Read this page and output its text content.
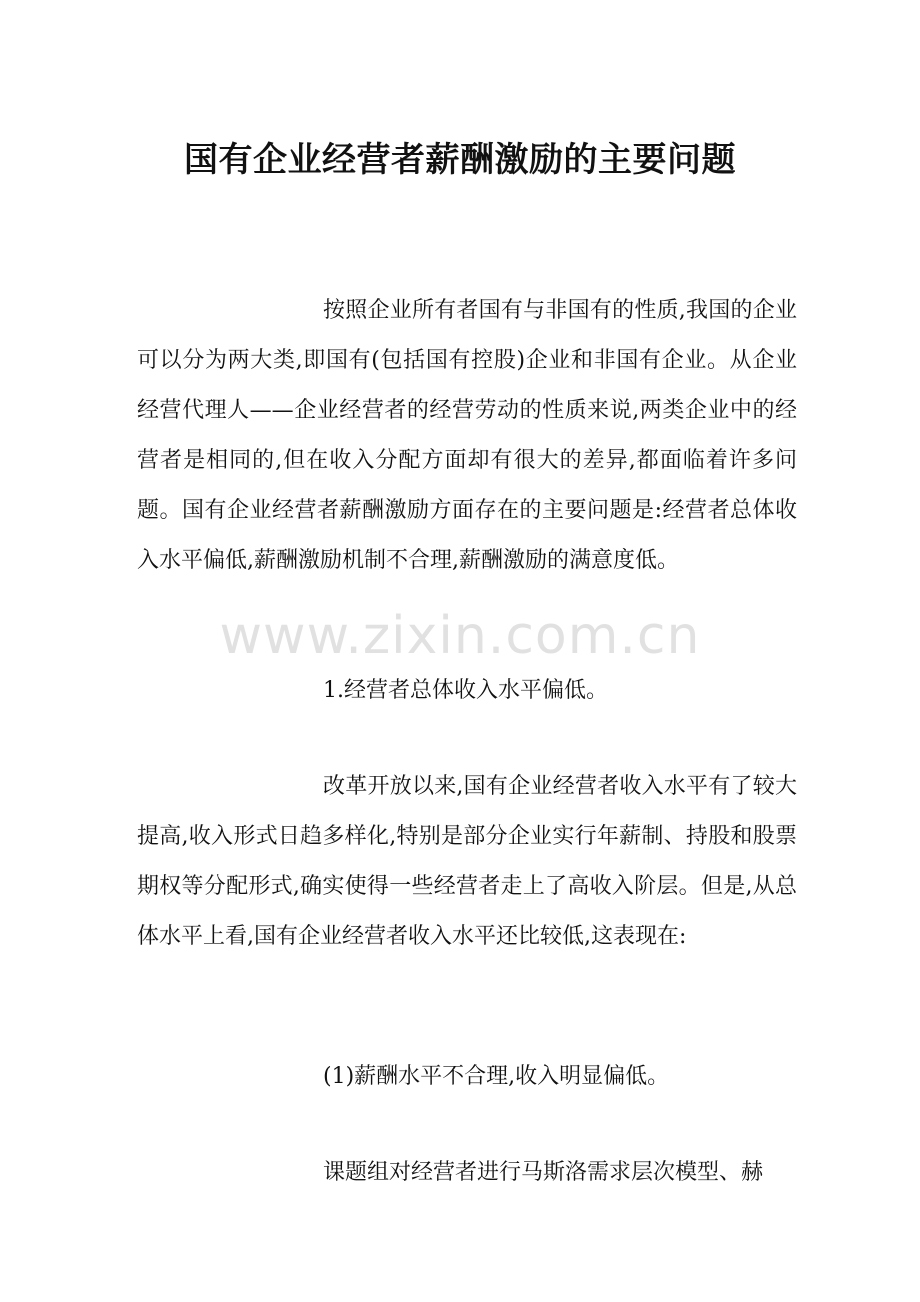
国有企业经营者薪酬激励的主要问题

按照企业所有者国有与非国有的性质,我国的企业可以分为两大类,即国有(包括国有控股)企业和非国有企业。从企业经营代理人——企业经营者的经营劳动的性质来说,两类企业中的经营者是相同的,但在收入分配方面却有很大的差异,都面临着许多问题。国有企业经营者薪酬激励方面存在的主要问题是:经营者总体收入水平偏低,薪酬激励机制不合理,薪酬激励的满意度低。

www.zixin.com.cn

1.经营者总体收入水平偏低。

改革开放以来,国有企业经营者收入水平有了较大提高,收入形式日趋多样化,特别是部分企业实行年薪制、持股和股票期权等分配形式,确实使得一些经营者走上了高收入阶层。但是,从总体水平上看,国有企业经营者收入水平还比较低,这表现在:

(1)薪酬水平不合理,收入明显偏低。

课题组对经营者进行马斯洛需求层次模型、赫
